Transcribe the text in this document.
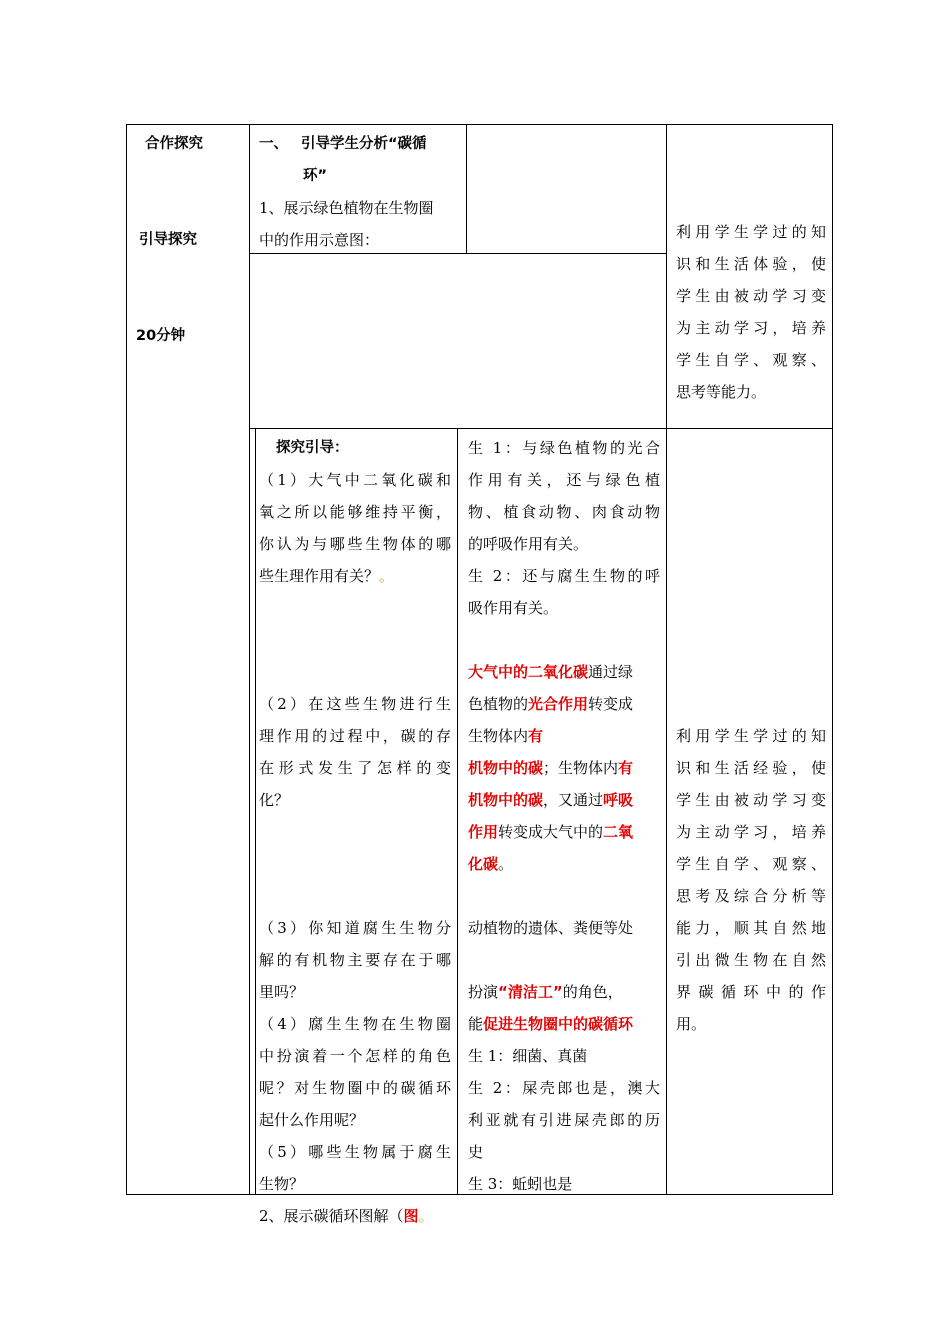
合作探究
引导探究
20分钟
一、 引导学生分析“碳循
环”
1、展示绿色植物在生物圈
中的作用示意图：	利用学生学过的知
识和生活体验，使
学生由被动学习变
为主动学习，培养
学生自学、观察、
思考等能力。
探究引导：
（1）大气中二氧化碳和
氧之所以能够维持平衡，
你认为与哪些生物体的哪
些生理作用有关？。

（2）在这些生物进行生
理作用的过程中，碳的存
在形式发生了怎样的变
化？

（3）你知道腐生生物分
解的有机物主要存在于哪
里吗？
（4）腐生生物在生物圈
中扮演着一个怎样的角色
呢？对生物圈中的碳循环
起什么作用呢？
（5）哪些生物属于腐生
生物？
2、展示碳循环图解（图。
生 1：与绿色植物的光合
作用有关，还与绿色植
物、植食动物、肉食动物
的呼吸作用有关。
生 2：还与腐生生物的呼
吸作用有关。

大气中的二氧化碳通过绿
色植物的光合作用转变成
生物体内有
机物中的碳；生物体内有
机物中的碳，又通过呼吸
作用转变成大气中的二氧
化碳。

动植物的遗体、粪便等处

扮演“清洁工”的角色，
能促进生物圈中的碳循环
生 1：细菌、真菌
生 2：屎壳郎也是，澳大
利亚就有引进屎壳郎的历
史
生 3：蚯蚓也是
利用学生学过的知
识和生活经验，使
学生由被动学习变
为主动学习，培养
学生自学、观察、
思考及综合分析等
能力，顺其自然地
引出微生物在自然
界碳循环中的作
用。
